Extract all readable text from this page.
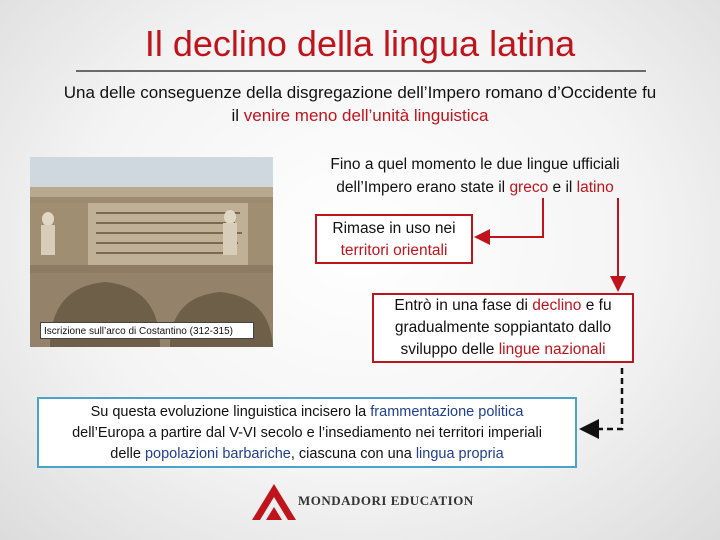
Il declino della lingua latina
Una delle conseguenze della disgregazione dell’Impero romano d’Occidente fu
il venire meno dell’unità linguistica
Iscrizione sull’arco di Costantino (312-315)
Fino a quel momento le due lingue ufficiali
dell’Impero erano state il greco e il latino
Rimase in uso nei
territori orientali
Entrò in una fase di declino e fu
gradualmente soppiantato dallo
sviluppo delle lingue nazionali
Su questa evoluzione linguistica incisero la frammentazione politica
dell’Europa a partire dal V-VI secolo e l’insediamento nei territori imperiali
delle popolazioni barbariche, ciascuna con una lingua propria
MONDADORI EDUCATION
